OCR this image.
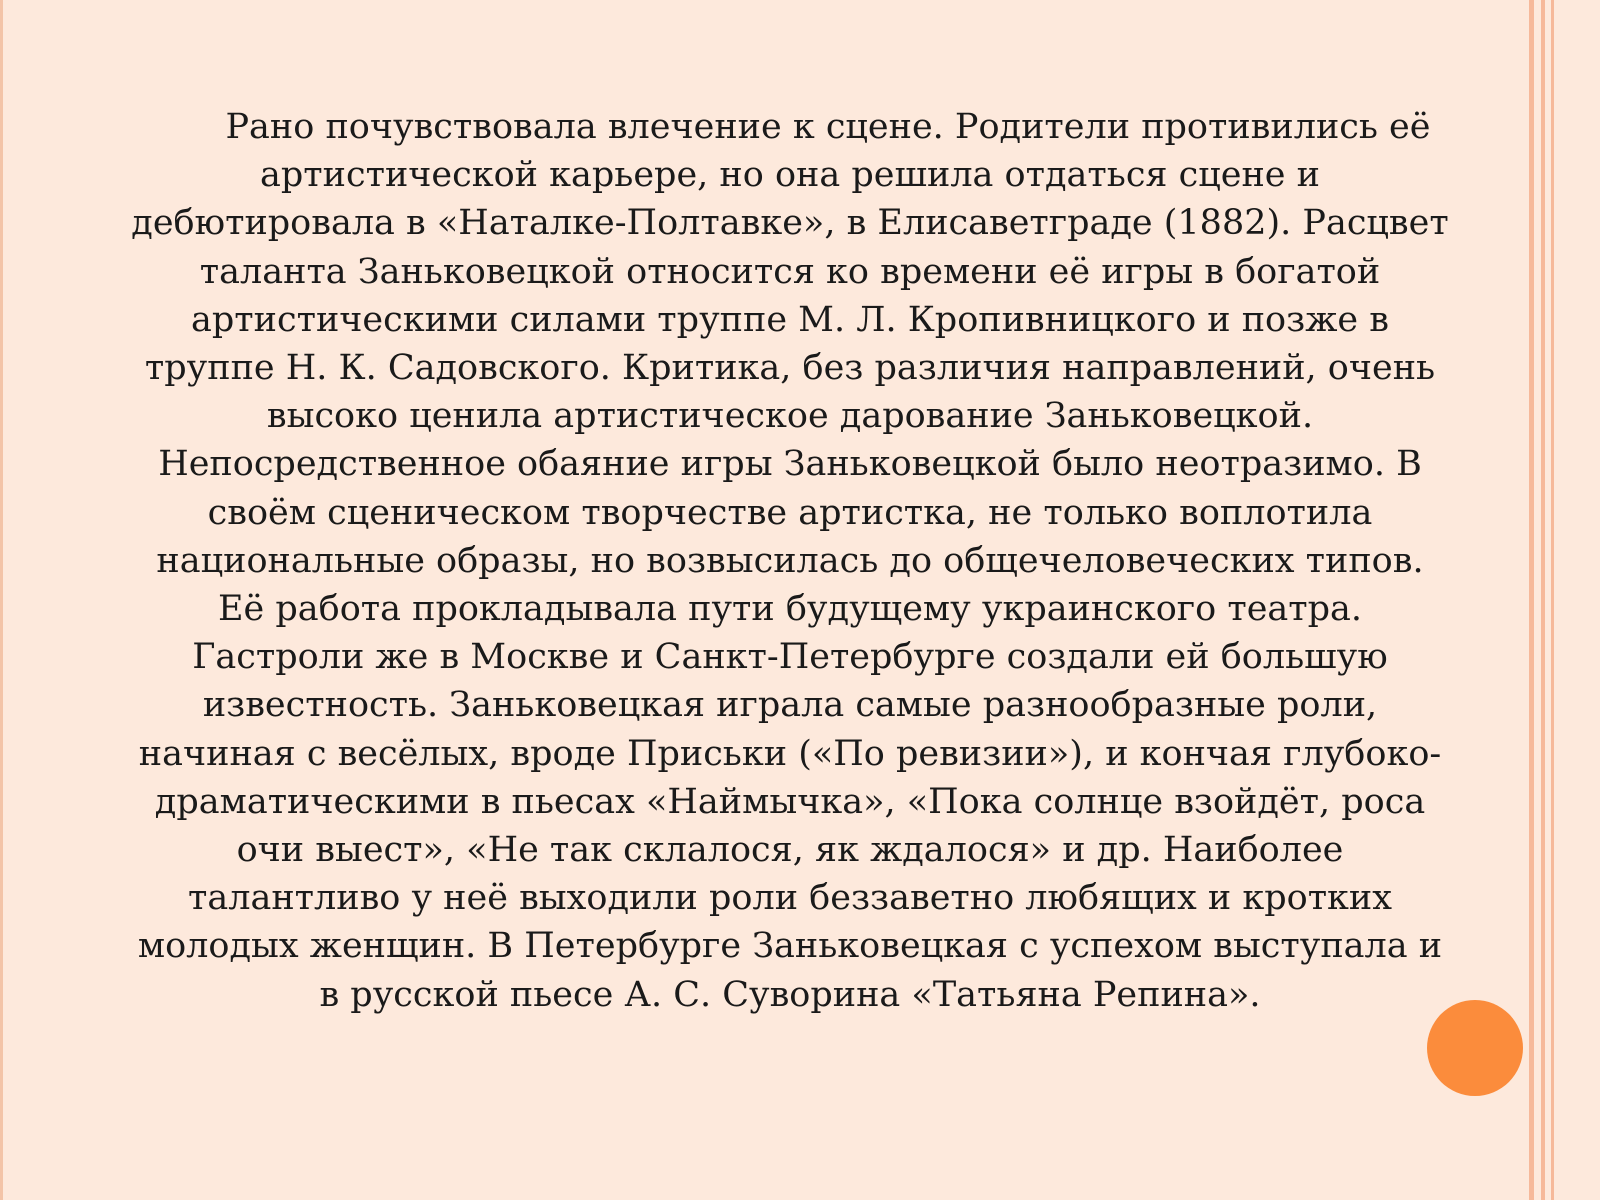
Рано почувствовала влечение к сцене. Родители противились её артистической карьере, но она решила отдаться сцене и дебютировала в «Наталке-Полтавке», в Елисаветграде (1882). Расцвет таланта Заньковецкой относится ко времени её игры в богатой артистическими силами труппе М. Л. Кропивницкого и позже в труппе Н. К. Садовского. Критика, без различия направлений, очень высоко ценила артистическое дарование Заньковецкой. Непосредственное обаяние игры Заньковецкой было неотразимо. В своём сценическом творчестве артистка, не только воплотила национальные образы, но возвысилась до общечеловеческих типов. Её работа прокладывала пути будущему украинского театра. Гастроли же в Москве и Санкт-Петербурге создали ей большую известность. Заньковецкая играла самые разнообразные роли, начиная с весёлых, вроде Приськи («По ревизии»), и кончая глубоко-драматическими в пьесах «Наймычка», «Пока солнце взойдёт, роса очи выест», «Не так склалося, як ждалося» и др. Наиболее талантливо у неё выходили роли беззаветно любящих и кротких молодых женщин. В Петербурге Заньковецкая с успехом выступала и в русской пьесе А. С. Суворина «Татьяна Репина».
